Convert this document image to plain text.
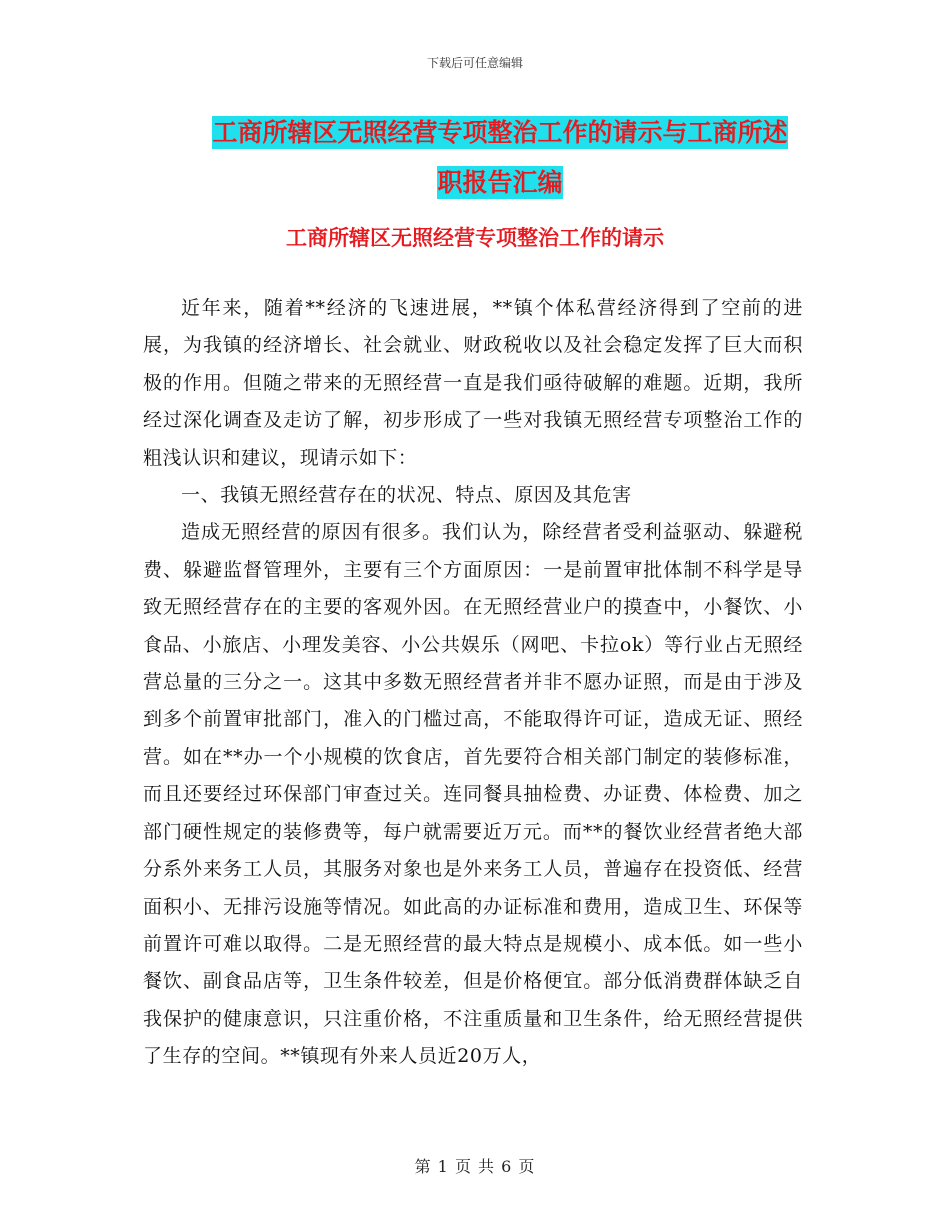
下载后可任意编辑
工商所辖区无照经营专项整治工作的请示与工商所述
职报告汇编
工商所辖区无照经营专项整治工作的请示

近年来，随着**经济的飞速进展，**镇个体私营经济得到了空前的进展，为我镇的经济增长、社会就业、财政税收以及社会稳定发挥了巨大而积极的作用。但随之带来的无照经营一直是我们亟待破解的难题。近期，我所经过深化调查及走访了解，初步形成了一些对我镇无照经营专项整治工作的粗浅认识和建议，现请示如下：

一、我镇无照经营存在的状况、特点、原因及其危害

造成无照经营的原因有很多。我们认为，除经营者受利益驱动、躲避税费、躲避监督管理外，主要有三个方面原因：一是前置审批体制不科学是导致无照经营存在的主要的客观外因。在无照经营业户的摸查中，小餐饮、小食品、小旅店、小理发美容、小公共娱乐（网吧、卡拉ok）等行业占无照经营总量的三分之一。这其中多数无照经营者并非不愿办证照，而是由于涉及到多个前置审批部门，准入的门槛过高，不能取得许可证，造成无证、照经营。如在**办一个小规模的饮食店，首先要符合相关部门制定的装修标准，而且还要经过环保部门审查过关。连同餐具抽检费、办证费、体检费、加之部门硬性规定的装修费等，每户就需要近万元。而**的餐饮业经营者绝大部分系外来务工人员，其服务对象也是外来务工人员，普遍存在投资低、经营面积小、无排污设施等情况。如此高的办证标准和费用，造成卫生、环保等前置许可难以取得。二是无照经营的最大特点是规模小、成本低。如一些小餐饮、副食品店等，卫生条件较差，但是价格便宜。部分低消费群体缺乏自我保护的健康意识，只注重价格，不注重质量和卫生条件，给无照经营提供了生存的空间。**镇现有外来人员近20万人，

第 1 页 共 6 页
